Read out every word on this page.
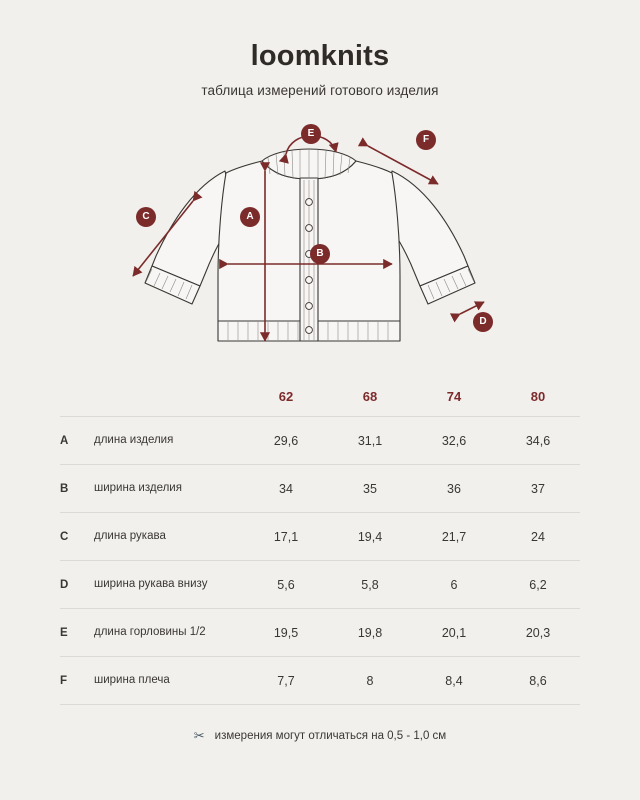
loomknits
таблица измерений готового изделия
A
B
C
D
E
F
		62	68	74	80
A	длина изделия	29,6	31,1	32,6	34,6
B	ширина изделия	34	35	36	37
C	длина рукава	17,1	19,4	21,7	24
D	ширина рукава внизу	5,6	5,8	6	6,2
E	длина горловины 1/2	19,5	19,8	20,1	20,3
F	ширина плеча	7,7	8	8,4	8,6
✂ измерения могут отличаться на 0,5 - 1,0 см
